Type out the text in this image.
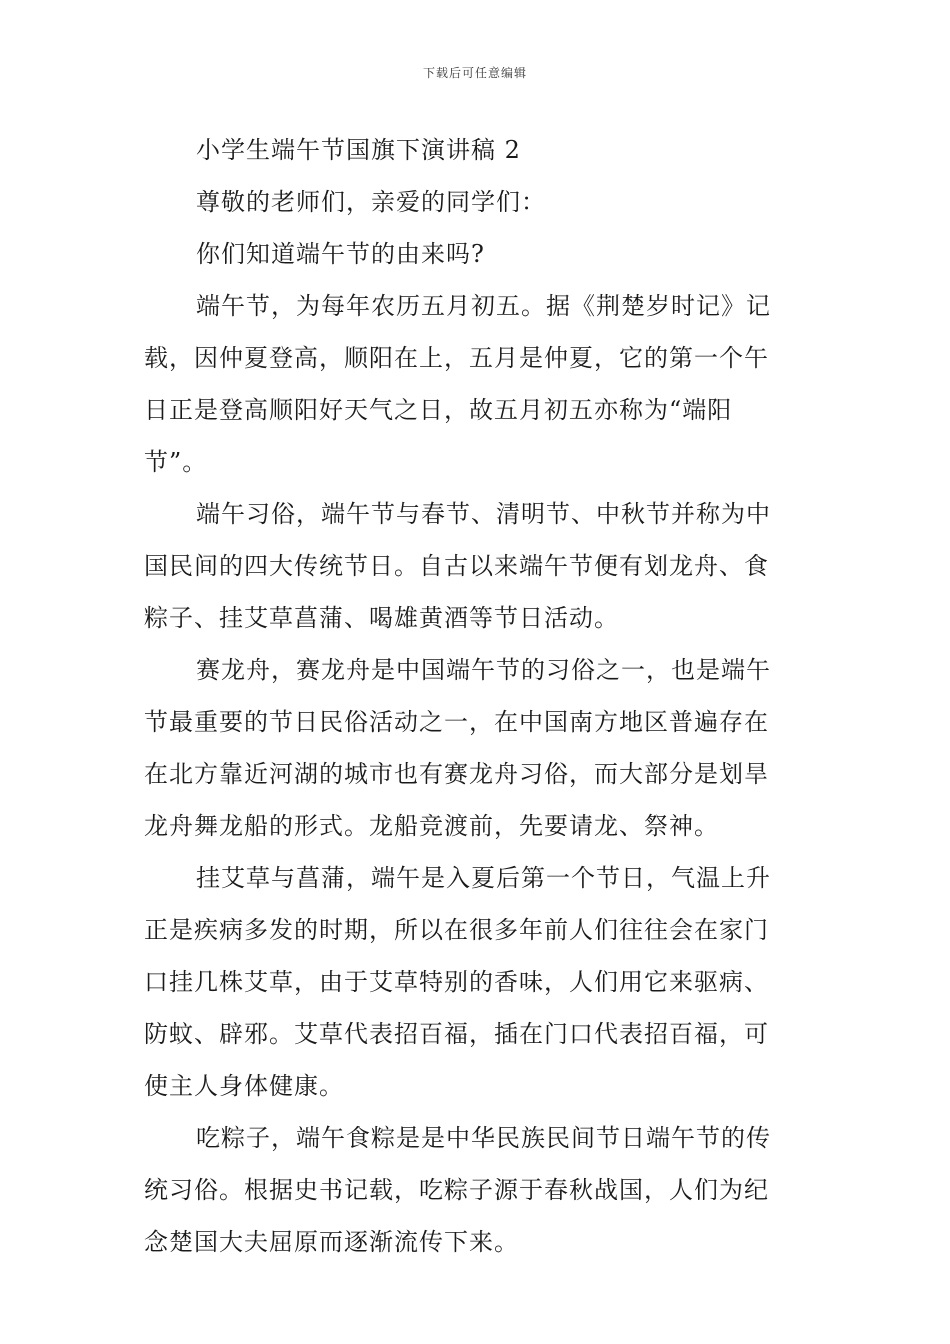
下载后可任意编辑
小学生端午节国旗下演讲稿 2
尊敬的老师们，亲爱的同学们：
你们知道端午节的由来吗?
端午节，为每年农历五月初五。据《荆楚岁时记》记
载，因仲夏登高，顺阳在上，五月是仲夏，它的第一个午
日正是登高顺阳好天气之日，故五月初五亦称为“端阳
节”。
端午习俗，端午节与春节、清明节、中秋节并称为中
国民间的四大传统节日。自古以来端午节便有划龙舟、食
粽子、挂艾草菖蒲、喝雄黄酒等节日活动。
赛龙舟，赛龙舟是中国端午节的习俗之一，也是端午
节最重要的节日民俗活动之一，在中国南方地区普遍存在
在北方靠近河湖的城市也有赛龙舟习俗，而大部分是划旱
龙舟舞龙船的形式。龙船竞渡前，先要请龙、祭神。
挂艾草与菖蒲，端午是入夏后第一个节日，气温上升
正是疾病多发的时期，所以在很多年前人们往往会在家门
口挂几株艾草，由于艾草特别的香味，人们用它来驱病、
防蚊、辟邪。艾草代表招百福，插在门口代表招百福，可
使主人身体健康。
吃粽子，端午食粽是是中华民族民间节日端午节的传
统习俗。根据史书记载，吃粽子源于春秋战国，人们为纪
念楚国大夫屈原而逐渐流传下来。
